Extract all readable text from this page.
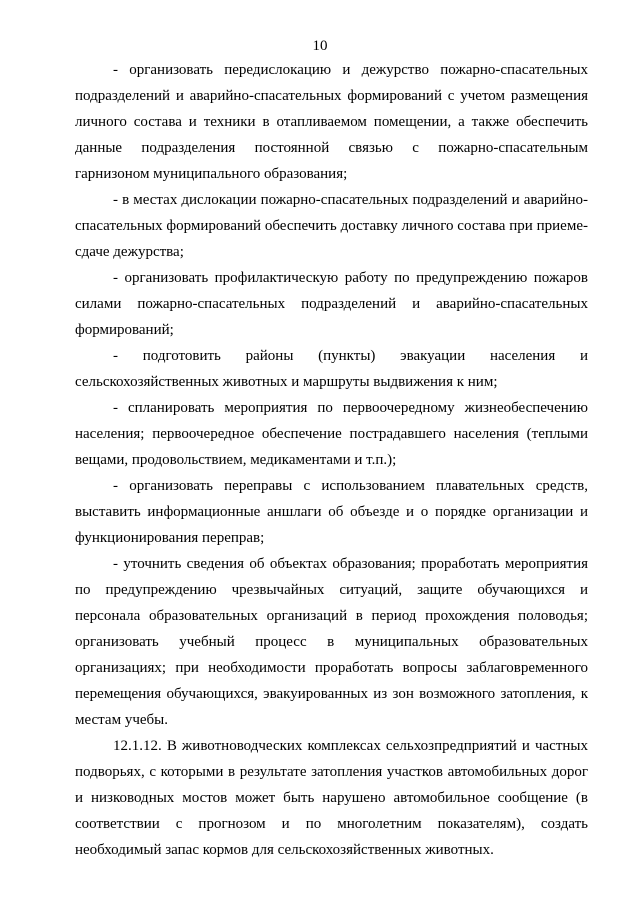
10

- организовать передислокацию и дежурство пожарно-спасательных подразделений и аварийно-спасательных формирований с учетом размещения личного состава и техники в отапливаемом помещении, а также обеспечить данные подразделения постоянной связью с пожарно-спасательным гарнизоном муниципального образования;

- в местах дислокации пожарно-спасательных подразделений и аварийно-спасательных формирований обеспечить доставку личного состава при приеме-сдаче дежурства;

- организовать профилактическую работу по предупреждению пожаров силами пожарно-спасательных подразделений и аварийно-спасательных формирований;

- подготовить районы (пункты) эвакуации населения и сельскохозяйственных животных и маршруты выдвижения к ним;

- спланировать мероприятия по первоочередному жизнеобеспечению населения; первоочередное обеспечение пострадавшего населения (теплыми вещами, продовольствием, медикаментами и т.п.);

- организовать переправы с использованием плавательных средств, выставить информационные аншлаги об объезде и о порядке организации и функционирования переправ;

- уточнить сведения об объектах образования; проработать мероприятия по предупреждению чрезвычайных ситуаций, защите обучающихся и персонала образовательных организаций в период прохождения половодья; организовать учебный процесс в муниципальных образовательных организациях; при необходимости проработать вопросы заблаговременного перемещения обучающихся, эвакуированных из зон возможного затопления, к местам учебы.

12.1.12. В животноводческих комплексах сельхозпредприятий и частных подворьях, с которыми в результате затопления участков автомобильных дорог и низководных мостов может быть нарушено автомобильное сообщение (в соответствии с прогнозом и по многолетним показателям), создать необходимый запас кормов для сельскохозяйственных животных.
